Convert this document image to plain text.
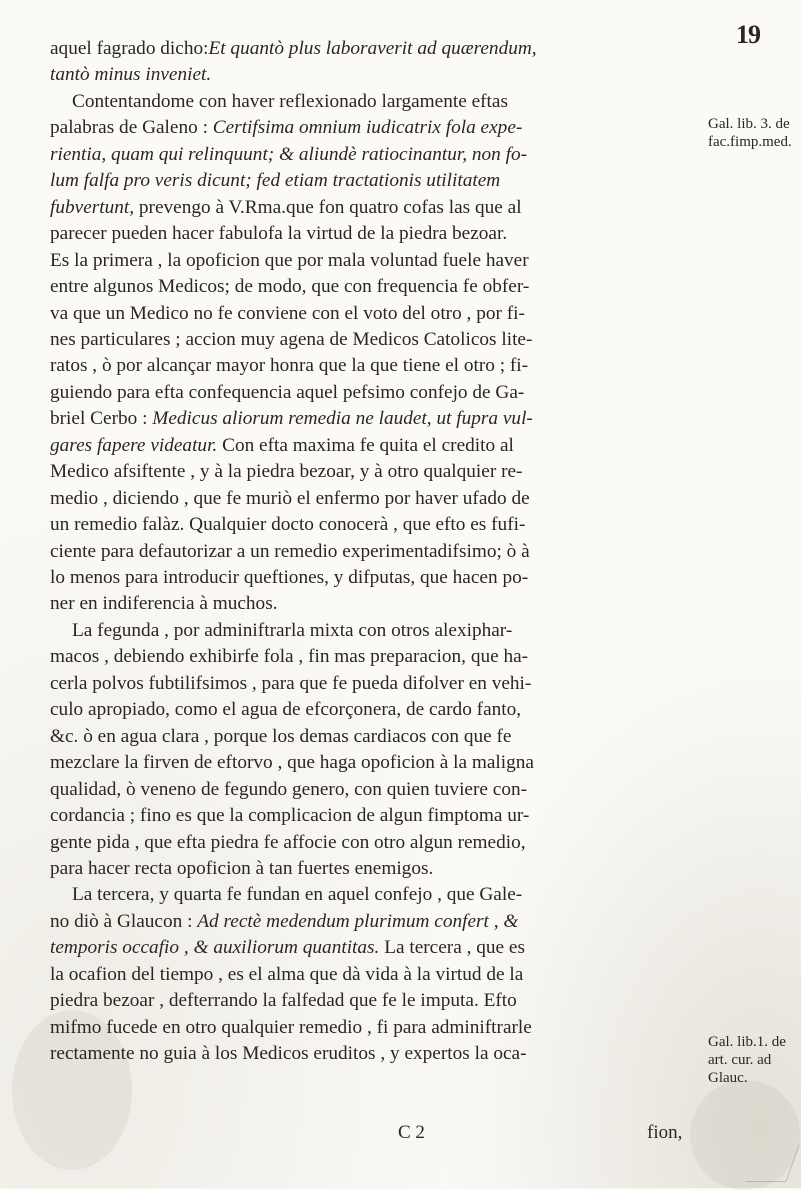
19
aquel fagrado dicho:Et quantò plus laboraverit ad quærendum,
tantò minus inveniet.
Contentandome con haver reflexionado largamente eftas
palabras de Galeno : Certifsima omnium iudicatrix fola expe-
rientia, quam qui relinquunt; & aliundè ratiocinantur, non fo-
lum falfa pro veris dicunt; fed etiam tractationis utilitatem
fubvertunt, prevengo à V.Rma.que fon quatro cofas las que al
parecer pueden hacer fabulofa la virtud de la piedra bezoar.
Es la primera , la opoficion que por mala voluntad fuele haver
entre algunos Medicos; de modo, que con frequencia fe obfer-
va que un Medico no fe conviene con el voto del otro , por fi-
nes particulares ; accion muy agena de Medicos Catolicos lite-
ratos , ò por alcançar mayor honra que la que tiene el otro ; fi-
guiendo para efta confequencia aquel pefsimo confejo de Ga-
briel Cerbo : Medicus aliorum remedia ne laudet, ut fupra vul-
gares fapere videatur. Con efta maxima fe quita el credito al
Medico afsiftente , y à la piedra bezoar, y à otro qualquier re-
medio , diciendo , que fe muriò el enfermo por haver ufado de
un remedio falàz. Qualquier docto conocerà , que efto es fufi-
ciente para defautorizar a un remedio experimentadifsimo; ò à
lo menos para introducir queftiones, y difputas, que hacen po-
ner en indiferencia à muchos.
La fegunda , por adminiftrarla mixta con otros alexiphar-
macos , debiendo exhibirfe fola , fin mas preparacion, que ha-
cerla polvos fubtilifsimos , para que fe pueda difolver en vehi-
culo apropiado, como el agua de efcorçonera, de cardo fanto,
&c. ò en agua clara , porque los demas cardiacos con que fe
mezclare la firven de eftorvo , que haga opoficion à la maligna
qualidad, ò veneno de fegundo genero, con quien tuviere con-
cordancia ; fino es que la complicacion de algun fimptoma ur-
gente pida , que efta piedra fe affocie con otro algun remedio,
para hacer recta opoficion à tan fuertes enemigos.
La tercera, y quarta fe fundan en aquel confejo , que Gale-
no diò à Glaucon : Ad rectè medendum plurimum confert , &
temporis occafio , & auxiliorum quantitas. La tercera , que es
la ocafion del tiempo , es el alma que dà vida à la virtud de la
piedra bezoar , defterrando la falfedad que fe le imputa. Efto
mifmo fucede en otro qualquier remedio , fi para adminiftrarle
rectamente no guia à los Medicos eruditos , y expertos la oca-
Gal. lib. 3. de fac.fimp.med.
Gal. lib.1. de art. cur. ad Glauc.
C 2	fion,
